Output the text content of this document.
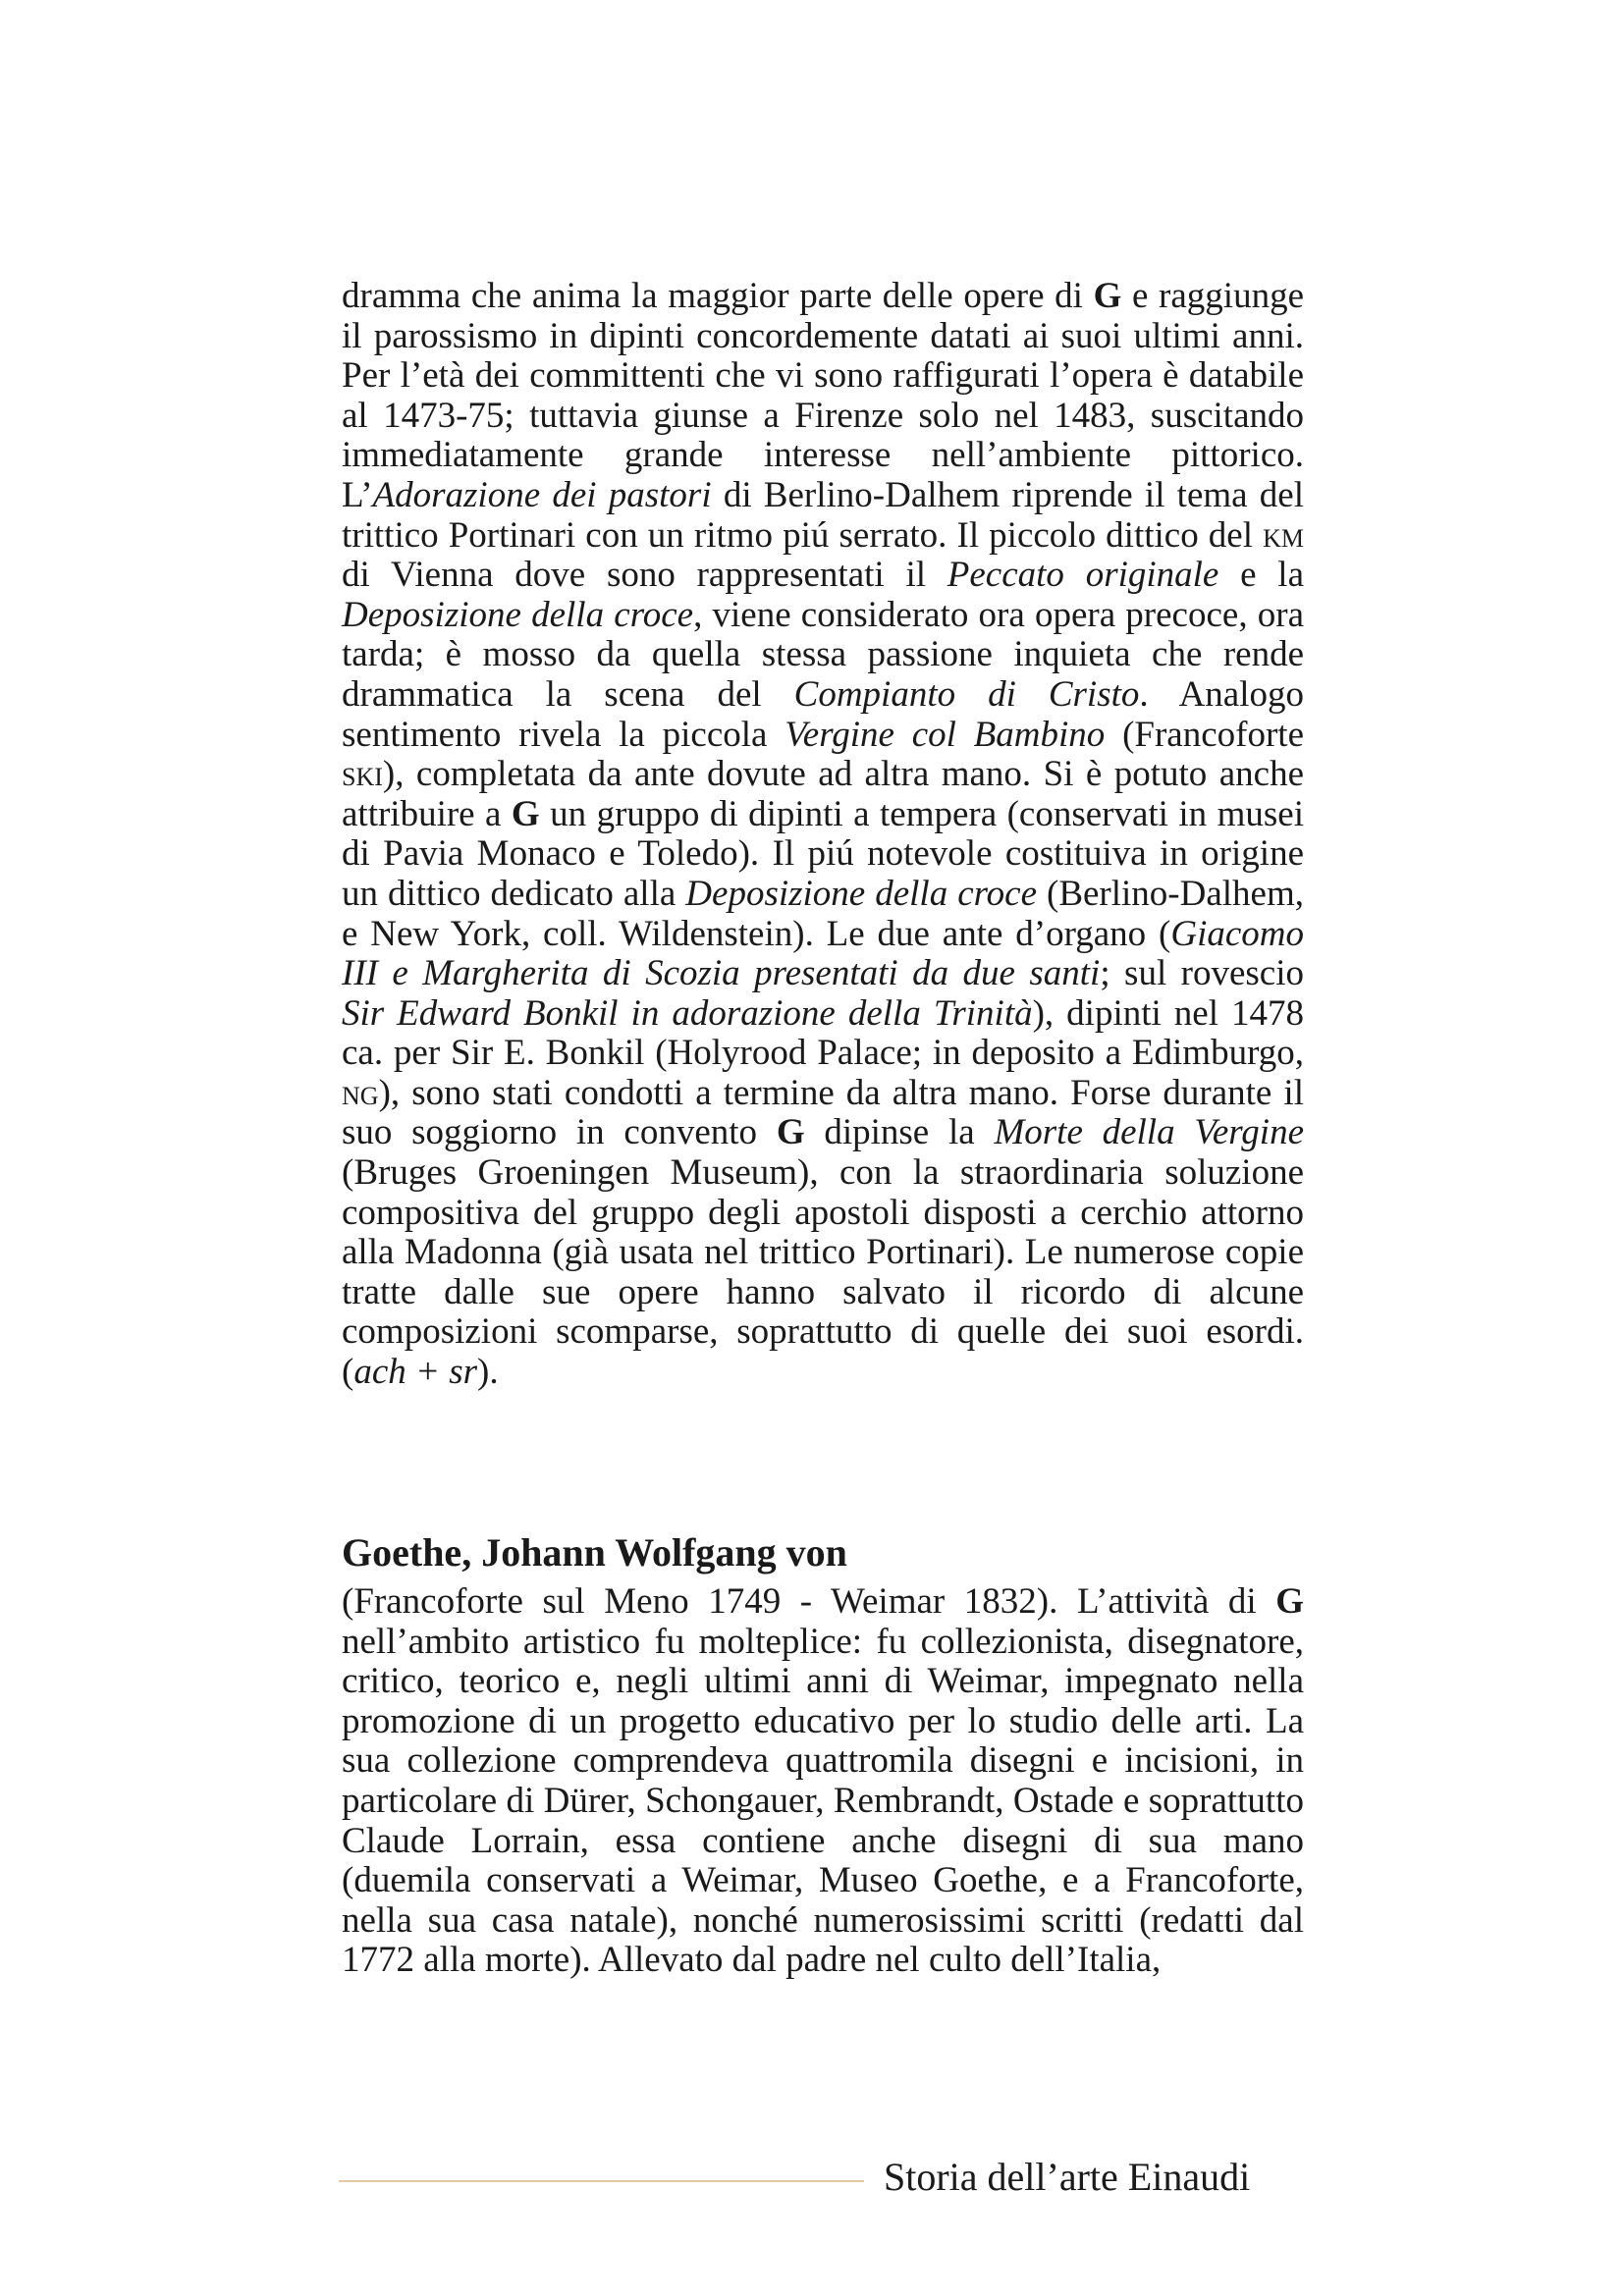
dramma che anima la maggior parte delle opere di G e raggiunge il parossismo in dipinti concordemente datati ai suoi ultimi anni. Per l’età dei committenti che vi sono raffigurati l’opera è databile al 1473-75; tuttavia giunse a Firenze solo nel 1483, suscitando immediatamente grande interesse nell’ambiente pittorico. L’Adorazione dei pastori di Berlino-Dalhem riprende il tema del trittico Portinari con un ritmo piú serrato. Il piccolo dittico del km di Vienna dove sono rappresentati il Peccato originale e la Deposizione della croce, viene considerato ora opera precoce, ora tarda; è mosso da quella stessa passione inquieta che rende drammatica la scena del Compianto di Cristo. Analogo sentimento rivela la piccola Vergine col Bambino (Francoforte ski), completata da ante dovute ad altra mano. Si è potuto anche attribuire a G un gruppo di dipinti a tempera (conservati in musei di Pavia Monaco e Toledo). Il piú notevole costituiva in origine un dittico dedicato alla Deposizione della croce (Berlino-Dalhem, e New York, coll. Wildenstein). Le due ante d’organo (Giacomo III e Margherita di Scozia presentati da due santi; sul rovescio Sir Edward Bonkil in adorazione della Trinità), dipinti nel 1478 ca. per Sir E. Bonkil (Holyrood Palace; in deposito a Edimburgo, ng), sono stati condotti a termine da altra mano. Forse durante il suo soggiorno in convento G dipinse la Morte della Vergine (Bruges Groeningen Museum), con la straordinaria soluzione compositiva del gruppo degli apostoli disposti a cerchio attorno alla Madonna (già usata nel trittico Portinari). Le numerose copie tratte dalle sue opere hanno salvato il ricordo di alcune composizioni scomparse, soprattutto di quelle dei suoi esordi. (ach + sr).

Goethe, Johann Wolfgang von

(Francoforte sul Meno 1749 - Weimar 1832). L’attività di G nell’ambito artistico fu molteplice: fu collezionista, disegnatore, critico, teorico e, negli ultimi anni di Weimar, impegnato nella promozione di un progetto educativo per lo studio delle arti. La sua collezione comprendeva quattromila disegni e incisioni, in particolare di Dürer, Schongauer, Rembrandt, Ostade e soprattutto Claude Lorrain, essa contiene anche disegni di sua mano (duemila conservati a Weimar, Museo Goethe, e a Francoforte, nella sua casa natale), nonché numerosissimi scritti (redatti dal 1772 alla morte). Allevato dal padre nel culto dell’Italia,

Storia dell’arte Einaudi
